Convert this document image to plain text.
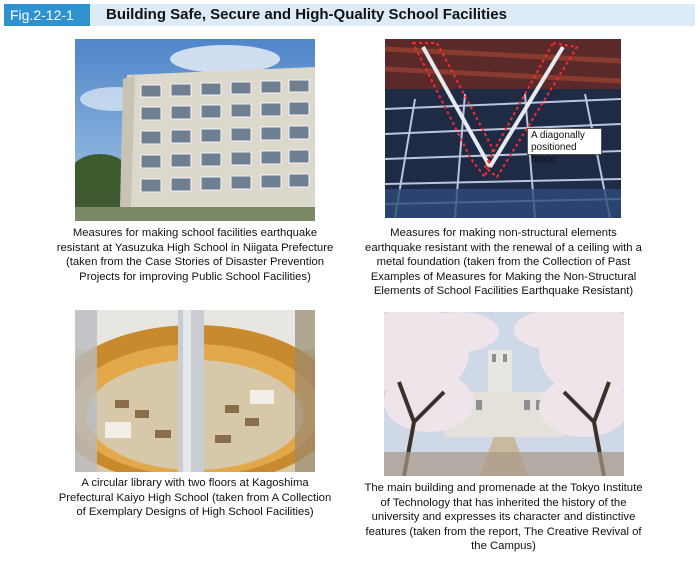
Fig.2-12-1	Building Safe, Secure and High-Quality School Facilities
Measures for making school facilities earthquake resistant at Yasuzuka High School in Niigata Prefecture (taken from the Case Stories of Disaster Prevention Projects for improving Public School Facilities)
A diagonally positioned brace
Measures for making non-structural elements earthquake resistant with the renewal of a ceiling with a metal foundation (taken from the Collection of Past Examples of Measures for Making the Non-Structural Elements of School Facilities Earthquake Resistant)
A circular library with two floors at Kagoshima Prefectural Kaiyo High School (taken from A Collection of Exemplary Designs of High School Facilities)
The main building and promenade at the Tokyo Institute of Technology that has inherited the history of the university and expresses its character and distinctive features (taken from the report, The Creative Revival of the Campus)
